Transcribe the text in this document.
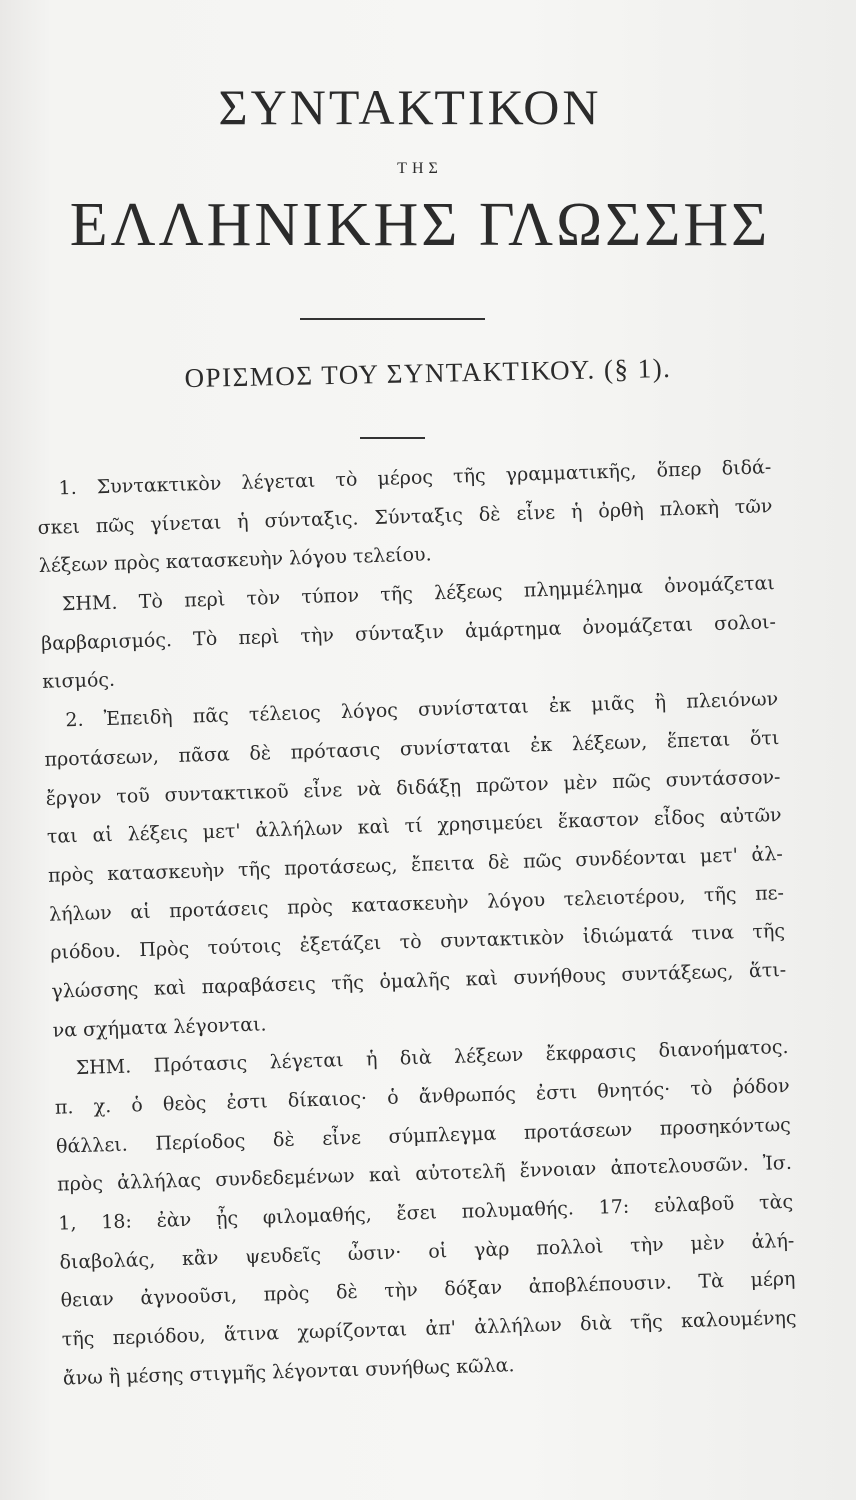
ΣΥΝΤΑΚΤΙΚΟΝ
ΤΗΣ
ΕΛΛΗΝΙΚΗΣ ΓΛΩΣΣΗΣ
ΟΡΙΣΜΟΣ ΤΟΥ ΣΥΝΤΑΚΤΙΚΟΥ. (§ 1).
1. Συντακτικὸν λέγεται τὸ μέρος τῆς γραμματικῆς, ὅπερ διδά-
σκει πῶς γίνεται ἡ σύνταξις. Σύνταξις δὲ εἶνε ἡ ὀρθὴ πλοκὴ τῶν
λέξεων πρὸς κατασκευὴν λόγου τελείου.
ΣΗΜ. Τὸ περὶ τὸν τύπον τῆς λέξεως πλημμέλημα ὀνομάζεται
βαρβαρισμός. Τὸ περὶ τὴν σύνταξιν ἁμάρτημα ὀνομάζεται σολοι-
κισμός.
2. Ἐπειδὴ πᾶς τέλειος λόγος συνίσταται ἐκ μιᾶς ἢ πλειόνων
προτάσεων, πᾶσα δὲ πρότασις συνίσταται ἐκ λέξεων, ἕπεται ὅτι
ἔργον τοῦ συντακτικοῦ εἶνε νὰ διδάξῃ πρῶτον μὲν πῶς συντάσσον-
ται αἱ λέξεις μετ' ἀλλήλων καὶ τί χρησιμεύει ἕκαστον εἶδος αὐτῶν
πρὸς κατασκευὴν τῆς προτάσεως, ἔπειτα δὲ πῶς συνδέονται μετ' ἀλ-
λήλων αἱ προτάσεις πρὸς κατασκευὴν λόγου τελειοτέρου, τῆς πε-
ριόδου. Πρὸς τούτοις ἐξετάζει τὸ συντακτικὸν ἰδιώματά τινα τῆς
γλώσσης καὶ παραβάσεις τῆς ὁμαλῆς καὶ συνήθους συντάξεως, ἅτι-
να σχήματα λέγονται.
ΣΗΜ. Πρότασις λέγεται ἡ διὰ λέξεων ἔκφρασις διανοήματος.
π. χ. ὁ θεὸς ἐστι δίκαιος· ὁ ἄνθρωπός ἐστι θνητός· τὸ ῥόδον
θάλλει. Περίοδος δὲ εἶνε σύμπλεγμα προτάσεων προσηκόντως
πρὸς ἀλλήλας συνδεδεμένων καὶ αὐτοτελῆ ἔννοιαν ἀποτελουσῶν. Ἰσ.
1, 18: ἐὰν ᾖς φιλομαθής, ἔσει πολυμαθής. 17: εὐλαβοῦ τὰς
διαβολάς, κἂν ψευδεῖς ὦσιν· οἱ γὰρ πολλοὶ τὴν μὲν ἀλή-
θειαν ἀγνοοῦσι, πρὸς δὲ τὴν δόξαν ἀποβλέπουσιν. Τὰ μέρη
τῆς περιόδου, ἅτινα χωρίζονται ἀπ' ἀλλήλων διὰ τῆς καλουμένης
ἄνω ἢ μέσης στιγμῆς λέγονται συνήθως κῶλα.
